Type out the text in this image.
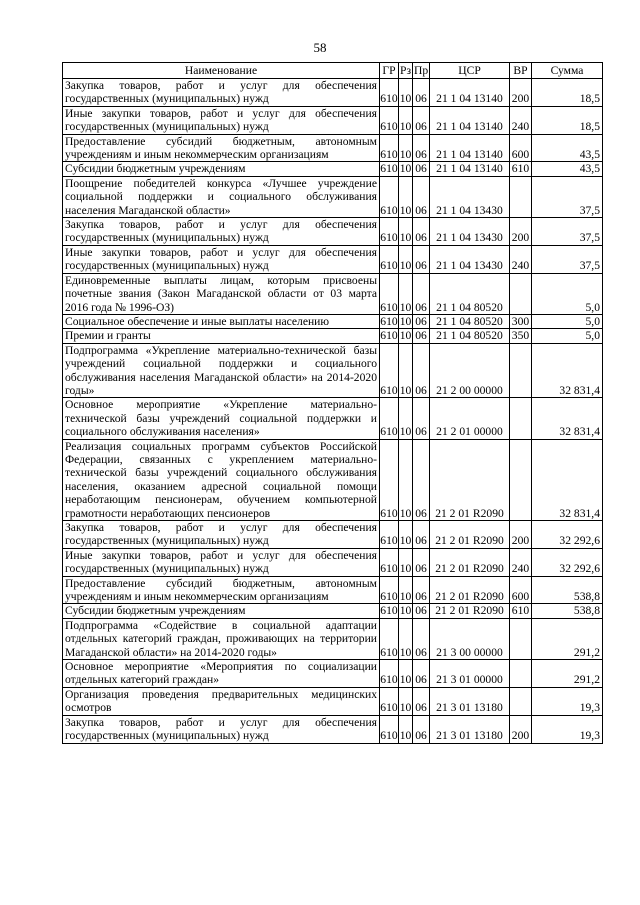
58
Наименование	ГР	Рз	Пр	ЦСР	ВР	Сумма
Закупка товаров, работ и услуг для обеспечения государственных (муниципальных) нужд	610	10	06	21 1 04 13140	200	18,5
Иные закупки товаров, работ и услуг для обеспечения государственных (муниципальных) нужд	610	10	06	21 1 04 13140	240	18,5
Предоставление субсидий бюджетным, автономным учреждениям и иным некоммерческим организациям	610	10	06	21 1 04 13140	600	43,5
Субсидии бюджетным учреждениям	610	10	06	21 1 04 13140	610	43,5
Поощрение победителей конкурса «Лучшее учреждение социальной поддержки и социального обслуживания населения Магаданской области»	610	10	06	21 1 04 13430		37,5
Закупка товаров, работ и услуг для обеспечения государственных (муниципальных) нужд	610	10	06	21 1 04 13430	200	37,5
Иные закупки товаров, работ и услуг для обеспечения государственных (муниципальных) нужд	610	10	06	21 1 04 13430	240	37,5
Единовременные выплаты лицам, которым присвоены почетные звания (Закон Магаданской области от 03 марта 2016 года № 1996-ОЗ)	610	10	06	21 1 04 80520		5,0
Социальное обеспечение и иные выплаты населению	610	10	06	21 1 04 80520	300	5,0
Премии и гранты	610	10	06	21 1 04 80520	350	5,0
Подпрограмма «Укрепление материально-технической базы учреждений социальной поддержки и социального обслуживания населения Магаданской области» на 2014-2020 годы»	610	10	06	21 2 00 00000		32 831,4
Основное мероприятие «Укрепление материально-технической базы учреждений социальной поддержки и социального обслуживания населения»	610	10	06	21 2 01 00000		32 831,4
Реализация социальных программ субъектов Российской Федерации, связанных с укреплением материально-технической базы учреждений социального обслуживания населения, оказанием адресной социальной помощи неработающим пенсионерам, обучением компьютерной грамотности неработающих пенсионеров	610	10	06	21 2 01 R2090		32 831,4
Закупка товаров, работ и услуг для обеспечения государственных (муниципальных) нужд	610	10	06	21 2 01 R2090	200	32 292,6
Иные закупки товаров, работ и услуг для обеспечения государственных (муниципальных) нужд	610	10	06	21 2 01 R2090	240	32 292,6
Предоставление субсидий бюджетным, автономным учреждениям и иным некоммерческим организациям	610	10	06	21 2 01 R2090	600	538,8
Субсидии бюджетным учреждениям	610	10	06	21 2 01 R2090	610	538,8
Подпрограмма «Содействие в социальной адаптации отдельных категорий граждан, проживающих на территории Магаданской области» на 2014-2020 годы»	610	10	06	21 3 00 00000		291,2
Основное мероприятие «Мероприятия по социализации отдельных категорий граждан»	610	10	06	21 3 01 00000		291,2
Организация проведения предварительных медицинских осмотров	610	10	06	21 3 01 13180		19,3
Закупка товаров, работ и услуг для обеспечения государственных (муниципальных) нужд	610	10	06	21 3 01 13180	200	19,3
